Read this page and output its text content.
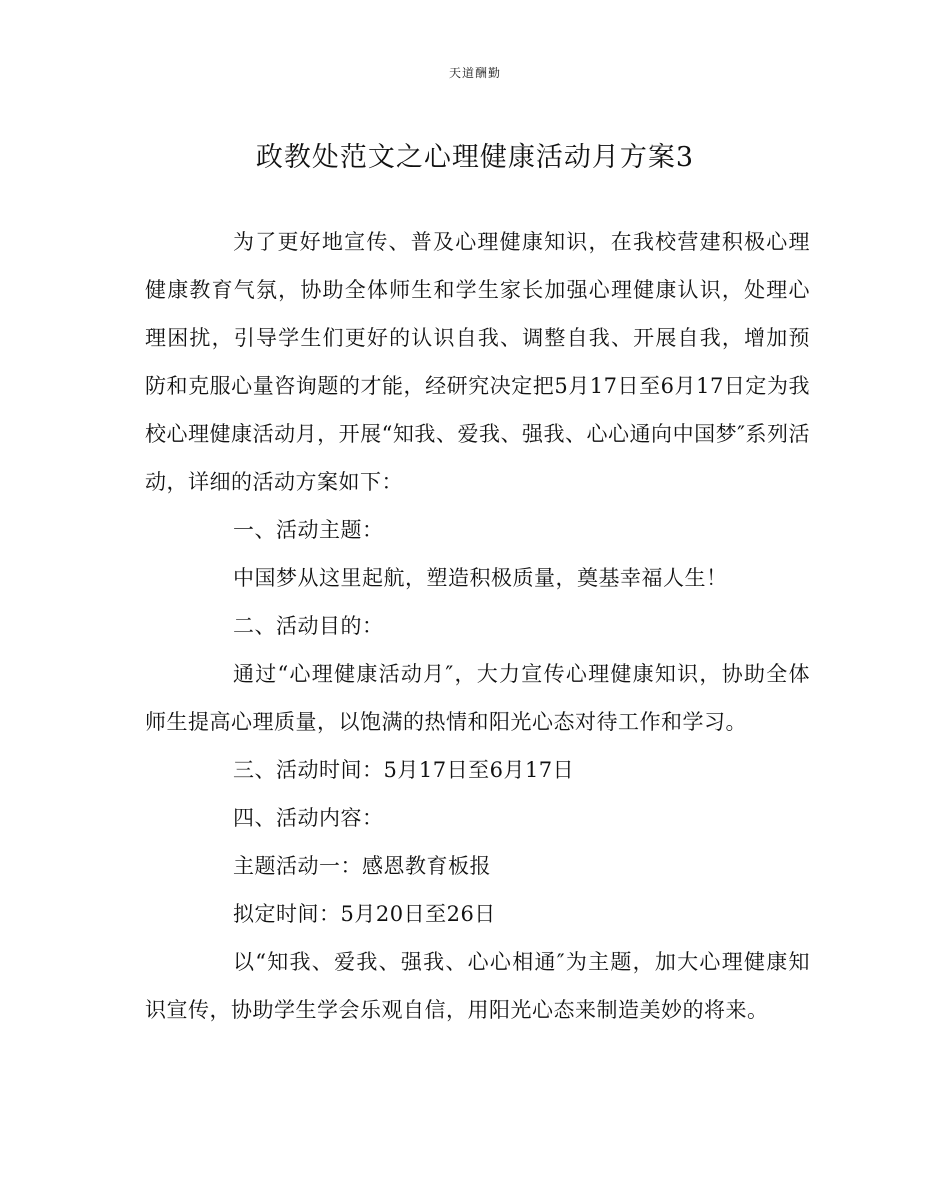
天道酬勤
政教处范文之心理健康活动月方案3

为了更好地宣传、普及心理健康知识，在我校营建积极心理健康教育气氛，协助全体师生和学生家长加强心理健康认识，处理心理困扰，引导学生们更好的认识自我、调整自我、开展自我，增加预防和克服心量咨询题的才能，经研究决定把5月17日至6月17日定为我校心理健康活动月，开展“知我、爱我、强我、心心通向中国梦″系列活动，详细的活动方案如下：

一、活动主题：

中国梦从这里起航，塑造积极质量，奠基幸福人生！

二、活动目的：

通过“心理健康活动月″，大力宣传心理健康知识，协助全体师生提高心理质量，以饱满的热情和阳光心态对待工作和学习。

三、活动时间：5月17日至6月17日

四、活动内容：

主题活动一：感恩教育板报

拟定时间：5月20日至26日

以“知我、爱我、强我、心心相通″为主题，加大心理健康知识宣传，协助学生学会乐观自信，用阳光心态来制造美妙的将来。
